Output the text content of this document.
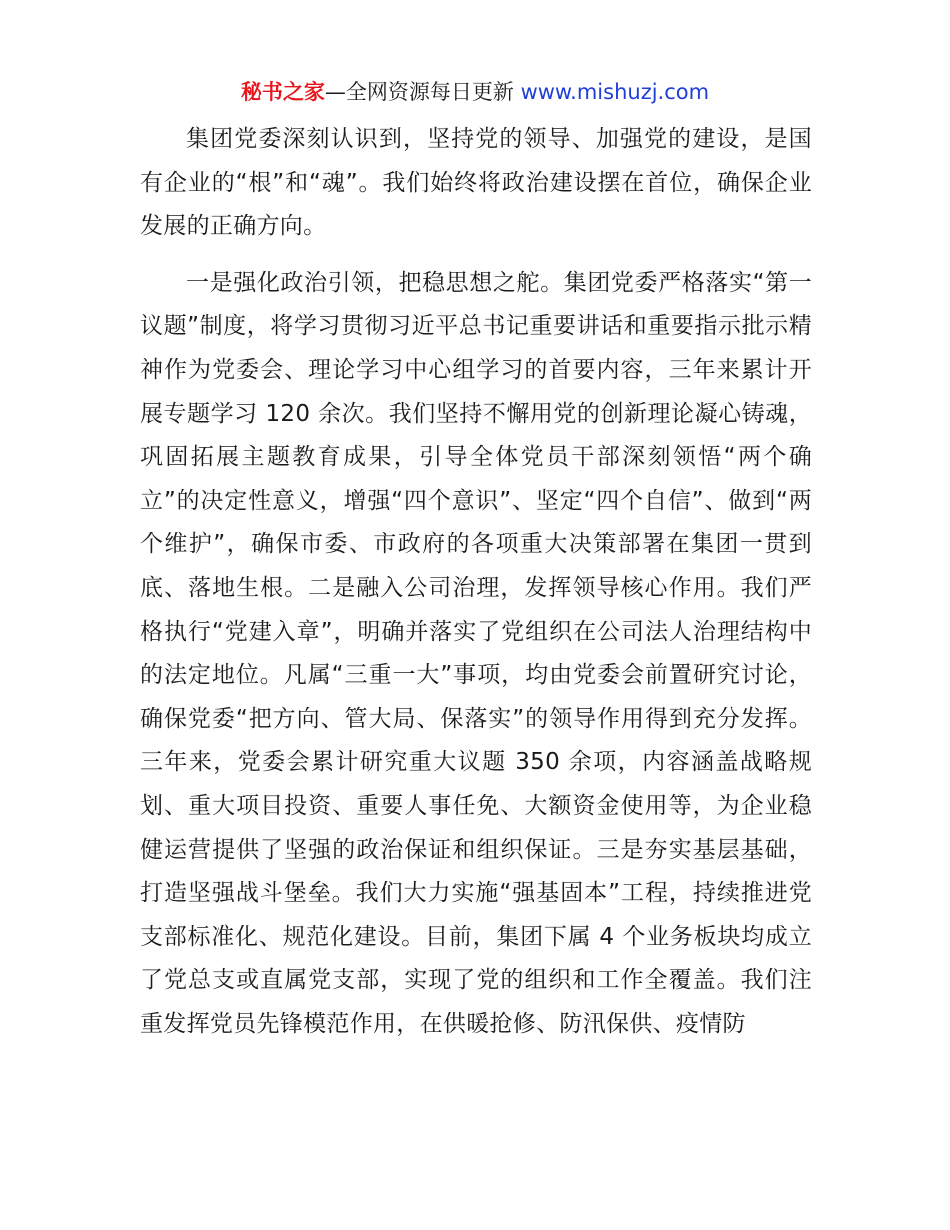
秘书之家—全网资源每日更新 www.mishuzj.com

集团党委深刻认识到，坚持党的领导、加强党的建设，是国有企业的“根”和“魂”。我们始终将政治建设摆在首位，确保企业发展的正确方向。

一是强化政治引领，把稳思想之舵。集团党委严格落实“第一议题”制度，将学习贯彻习近平总书记重要讲话和重要指示批示精神作为党委会、理论学习中心组学习的首要内容，三年来累计开展专题学习 120 余次。我们坚持不懈用党的创新理论凝心铸魂，巩固拓展主题教育成果，引导全体党员干部深刻领悟“两个确立”的决定性意义，增强“四个意识”、坚定“四个自信”、做到“两个维护”，确保市委、市政府的各项重大决策部署在集团一贯到底、落地生根。二是融入公司治理，发挥领导核心作用。我们严格执行“党建入章”，明确并落实了党组织在公司法人治理结构中的法定地位。凡属“三重一大”事项，均由党委会前置研究讨论，确保党委“把方向、管大局、保落实”的领导作用得到充分发挥。三年来，党委会累计研究重大议题 350 余项，内容涵盖战略规划、重大项目投资、重要人事任免、大额资金使用等，为企业稳健运营提供了坚强的政治保证和组织保证。三是夯实基层基础，打造坚强战斗堡垒。我们大力实施“强基固本”工程，持续推进党支部标准化、规范化建设。目前，集团下属 4 个业务板块均成立了党总支或直属党支部，实现了党的组织和工作全覆盖。我们注重发挥党员先锋模范作用，在供暖抢修、防汛保供、疫情防
